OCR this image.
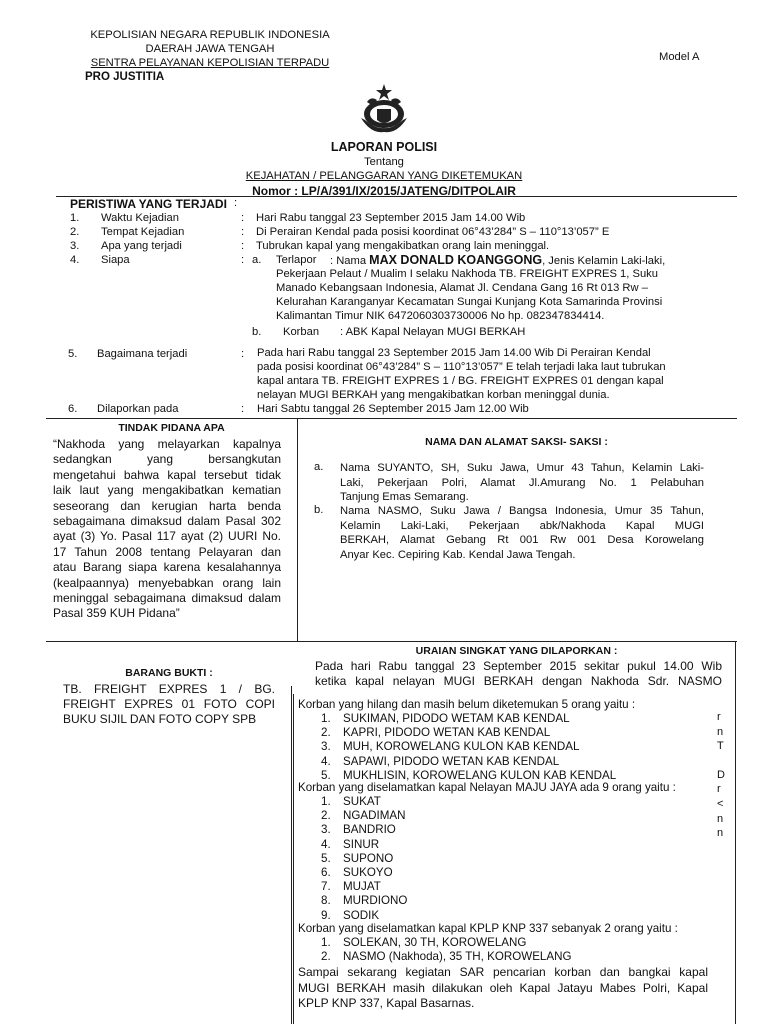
KEPOLISIAN NEGARA REPUBLIK INDONESIA
DAERAH JAWA TENGAH
SENTRA PELAYANAN KEPOLISIAN TERPADU
PRO JUSTITIA
Model A
LAPORAN POLISI
Tentang
KEJAHATAN / PELANGGARAN YANG DIKETEMUKAN
Nomor : LP/A/391/IX/2015/JATENG/DITPOLAIR
PERISTIWA YANG TERJADI :
1.	Waktu Kejadian	: Hari Rabu tanggal 23 September 2015 Jam 14.00 Wib
2.	Tempat Kejadian	: Di Perairan Kendal pada posisi koordinat 06°43’284” S – 110°13’057” E
3.	Apa yang terjadi	: Tubrukan kapal yang mengakibatkan orang lain meninggal.
4.	Siapa	: a. Terlapor : Nama MAX DONALD KOANGGONG, Jenis Kelamin Laki-laki,
Pekerjaan Pelaut / Mualim I selaku Nakhoda TB. FREIGHT EXPRES 1, Suku
Manado Kebangsaan Indonesia, Alamat Jl. Cendana Gang 16 Rt 013 Rw –
Kelurahan Karanganyar Kecamatan Sungai Kunjang Kota Samarinda Provinsi
Kalimantan Timur NIK 6472060303730006 No hp. 082347834414.
b. Korban : ABK Kapal Nelayan MUGI BERKAH
5.	Bagaimana terjadi	: Pada hari Rabu tanggal 23 September 2015 Jam 14.00 Wib Di Perairan Kendal
pada posisi koordinat 06°43’284” S – 110°13’057” E telah terjadi laka laut tubrukan
kapal antara TB. FREIGHT EXPRES 1 / BG. FREIGHT EXPRES 01 dengan kapal
nelayan MUGI BERKAH yang mengakibatkan korban meninggal dunia.
6.	Dilaporkan pada	: Hari Sabtu tanggal 26 September 2015 Jam 12.00 Wib
TINDAK PIDANA APA
“Nakhoda yang melayarkan kapalnya
sedangkan yang bersangkutan
mengetahui bahwa kapal tersebut tidak
laik laut yang mengakibatkan kematian
seseorang dan kerugian harta benda
sebagaimana dimaksud dalam Pasal 302
ayat (3) Yo. Pasal 117 ayat (2) UURI No.
17 Tahun 2008 tentang Pelayaran dan
atau Barang siapa karena kesalahannya
(kealpaannya) menyebabkan orang lain
meninggal sebagaimana dimaksud dalam
Pasal 359 KUH Pidana”
NAMA DAN ALAMAT SAKSI- SAKSI :
a. Nama SUYANTO, SH, Suku Jawa, Umur 43 Tahun, Kelamin Laki-
Laki, Pekerjaan Polri, Alamat Jl.Amurang No. 1 Pelabuhan
Tanjung Emas Semarang.
b. Nama NASMO, Suku Jawa / Bangsa Indonesia, Umur 35 Tahun,
Kelamin Laki-Laki, Pekerjaan abk/Nakhoda Kapal MUGI
BERKAH, Alamat Gebang Rt 001 Rw 001 Desa Korowelang
Anyar Kec. Cepiring Kab. Kendal Jawa Tengah.
BARANG BUKTI :
TB. FREIGHT EXPRES 1 / BG.
FREIGHT EXPRES 01 FOTO COPI
BUKU SIJIL DAN FOTO COPY SPB
URAIAN SINGKAT YANG DILAPORKAN :
Pada hari Rabu tanggal 23 September 2015 sekitar pukul 14.00 Wib
ketika kapal nelayan MUGI BERKAH dengan Nakhoda Sdr. NASMO
r
n
T
D
r
<
n
n
Korban yang hilang dan masih belum diketemukan 5 orang yaitu :
1. SUKIMAN, PIDODO WETAM KAB KENDAL
2. KAPRI, PIDODO WETAN KAB KENDAL
3. MUH, KOROWELANG KULON KAB KENDAL
4. SAPAWI, PIDODO WETAN KAB KENDAL
5. MUKHLISIN, KOROWELANG KULON KAB KENDAL
Korban yang diselamatkan kapal Nelayan MAJU JAYA ada 9 orang yaitu :
1. SUKAT
2. NGADIMAN
3. BANDRIO
4. SINUR
5. SUPONO
6. SUKOYO
7. MUJAT
8. MURDIONO
9. SODIK
Korban yang diselamatkan kapal KPLP KNP 337 sebanyak 2 orang yaitu :
1. SOLEKAN, 30 TH, KOROWELANG
2. NASMO (Nakhoda), 35 TH, KOROWELANG
Sampai sekarang kegiatan SAR pencarian korban dan bangkai kapal
MUGI BERKAH masih dilakukan oleh Kapal Jatayu Mabes Polri, Kapal
KPLP KNP 337, Kapal Basarnas.
